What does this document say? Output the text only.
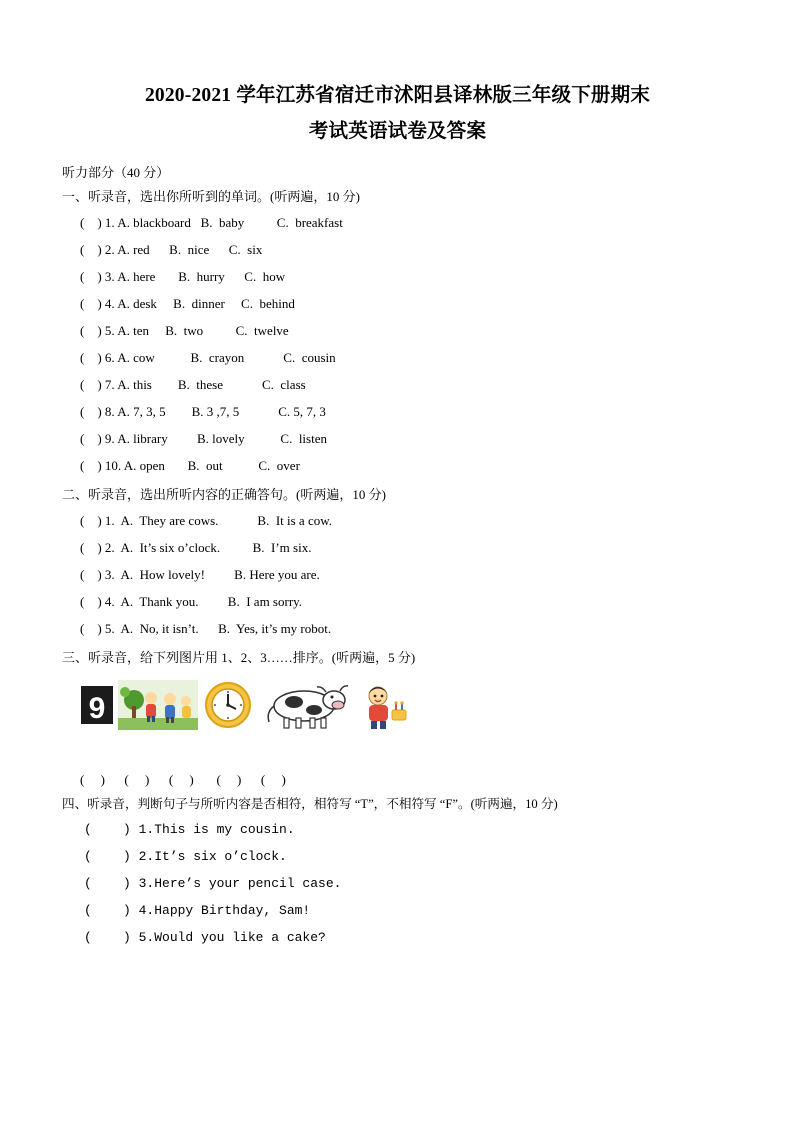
2020-2021 学年江苏省宿迁市沭阳县译林版三年级下册期末
考试英语试卷及答案
听力部分（40 分）
一、听录音，选出你所听到的单词。(听两遍，10 分)
(    ) 1. A. blackboard   B.  baby          C.  breakfast
(    ) 2. A. red      B.  nice      C.  six
(    ) 3. A. here       B.  hurry      C.  how
(    ) 4. A. desk     B.  dinner     C.  behind
(    ) 5. A. ten     B.  two          C.  twelve
(    ) 6. A. cow           B.  crayon            C.  cousin
(    ) 7. A. this        B.  these            C.  class
(    ) 8. A. 7, 3, 5        B. 3 ,7, 5            C. 5, 7, 3
(    ) 9. A. library         B. lovely           C.  listen
(    ) 10. A. open       B.  out           C.  over
二、听录音，选出所听内容的正确答句。(听两遍，10 分)
(    ) 1.  A.  They are cows.            B.  It is a cow.
(    ) 2.  A.  It’s six o’clock.          B.  I’m six.
(    ) 3.  A.  How lovely!         B. Here you are.
(    ) 4.  A.  Thank you.         B.  I am sorry.
(    ) 5.  A.  No, it isn’t.      B.  Yes, it’s my robot.
三、听录音，给下列图片用 1、2、3……排序。(听两遍，5 分)
9
(     )      (     )      (     )       (     )      (     )
四、听录音，判断句子与所听内容是否相符，相符写 “T”，不相符写 “F”。(听两遍，10 分)
(    ) 1.This is my cousin.
(    ) 2.It’s six o’clock.
(    ) 3.Here’s your pencil case.
(    ) 4.Happy Birthday, Sam!
(    ) 5.Would you like a cake?
